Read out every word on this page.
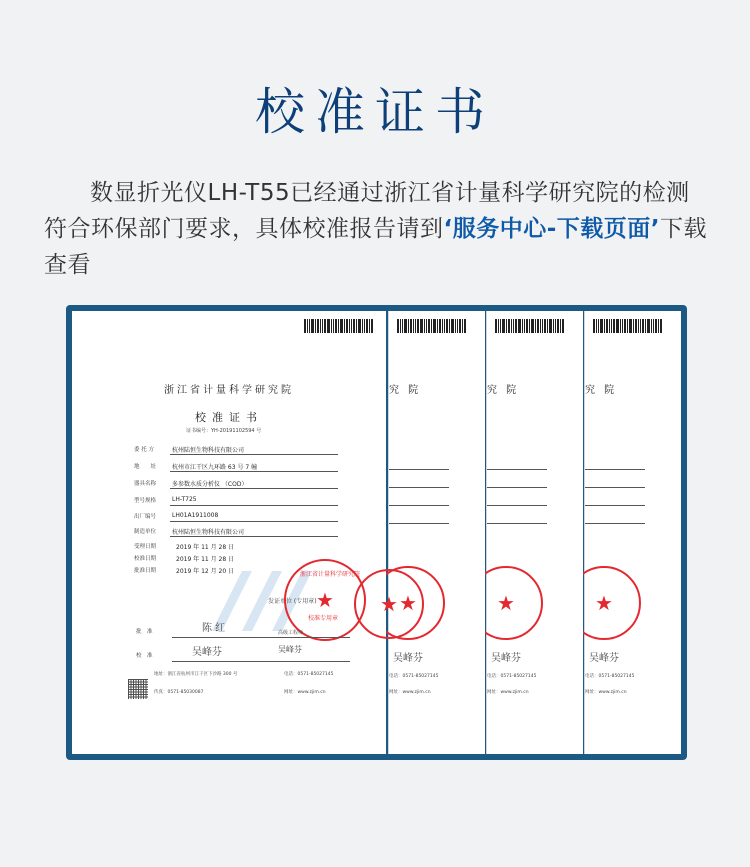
校准证书

数显折光仪LH-T55已经通过浙江省计量科学研究院的检测符合环保部门要求，具体校准报告请到‘服务中心-下载页面’下载查看

究 院
★
吴峰芬
电话：0571-85027145
网址：www.zjim.cn
究 院
★
吴峰芬
电话：0571-85027145
网址：www.zjim.cn
究 院
★
吴峰芬
电话：0571-85027145
网址：www.zjim.cn
浙江省计量科学研究院
校准证书
证书编号：YH-20191102594 号
委 托 方	杭州陆恒生物科技有限公司
地　　址	杭州市江干区九环路 63 号 7 幢
器具名称	多参数水质分析仪 （COD）
型号规格	LH-T725
出厂编号	LH01A1911008
制造单位	杭州陆恒生物科技有限公司
受理日期	2019 年 11 月 28 日
校准日期	2019 年 11 月 28 日
批准日期	2019 年 12 月 20 日
发证单位 (专用章)
浙江省计量科学研究院
★
校准专用章
★
批　准	陈 红	高级工程师
校　准	吴峰芬	吴峰芬
地址：浙江省杭州市江干区下沙路 300 号	电话：0571-85027145
传真：0571-85030087	网址：www.zjim.cn
